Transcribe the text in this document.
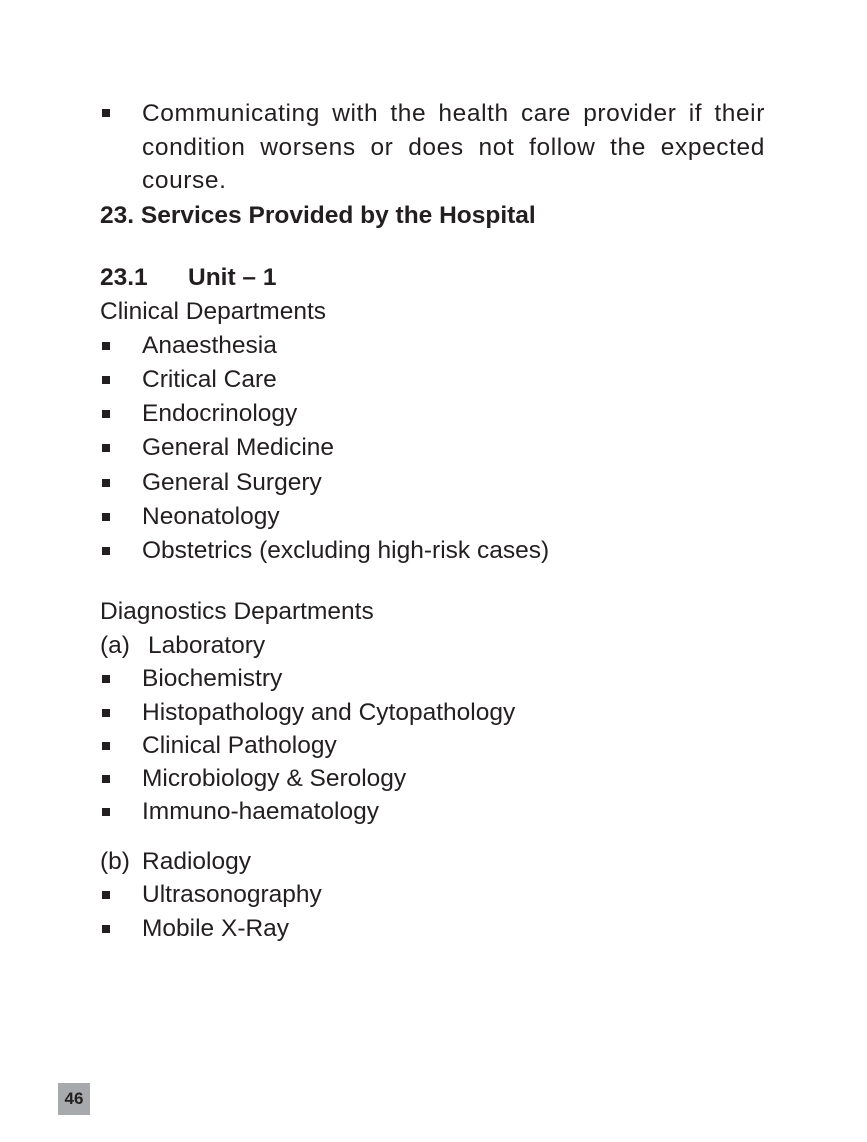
Communicating with the health care provider if their condition worsens or does not follow the expected course.
23. Services Provided by the Hospital
23.1 Unit – 1
Clinical Departments
Anaesthesia
Critical Care
Endocrinology
General Medicine
General Surgery
Neonatology
Obstetrics (excluding high-risk cases)
Diagnostics Departments
(a) Laboratory
Biochemistry
Histopathology and Cytopathology
Clinical Pathology
Microbiology & Serology
Immuno-haematology
(b) Radiology
Ultrasonography
Mobile X-Ray
46
